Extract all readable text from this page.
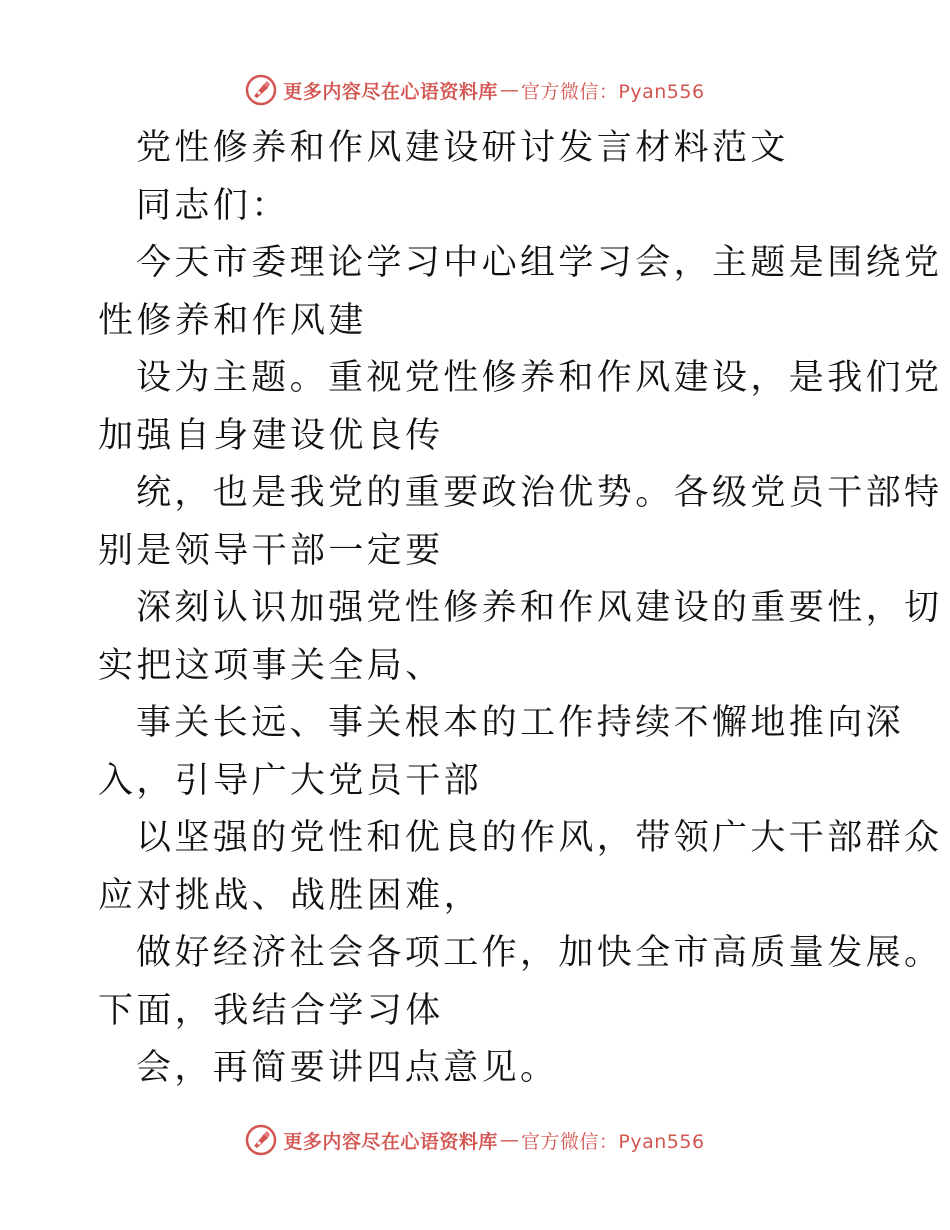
更多内容尽在心语资料库 — 官方微信：Pyan556
党性修养和作风建设研讨发言材料范文
同志们：
今天市委理论学习中心组学习会，主题是围绕党
性修养和作风建
设为主题。重视党性修养和作风建设，是我们党
加强自身建设优良传
统，也是我党的重要政治优势。各级党员干部特
别是领导干部一定要
深刻认识加强党性修养和作风建设的重要性，切
实把这项事关全局、
事关长远、事关根本的工作持续不懈地推向深
入，引导广大党员干部
以坚强的党性和优良的作风，带领广大干部群众
应对挑战、战胜困难，
做好经济社会各项工作，加快全市高质量发展。
下面，我结合学习体
会，再简要讲四点意见。
更多内容尽在心语资料库 — 官方微信：Pyan556
